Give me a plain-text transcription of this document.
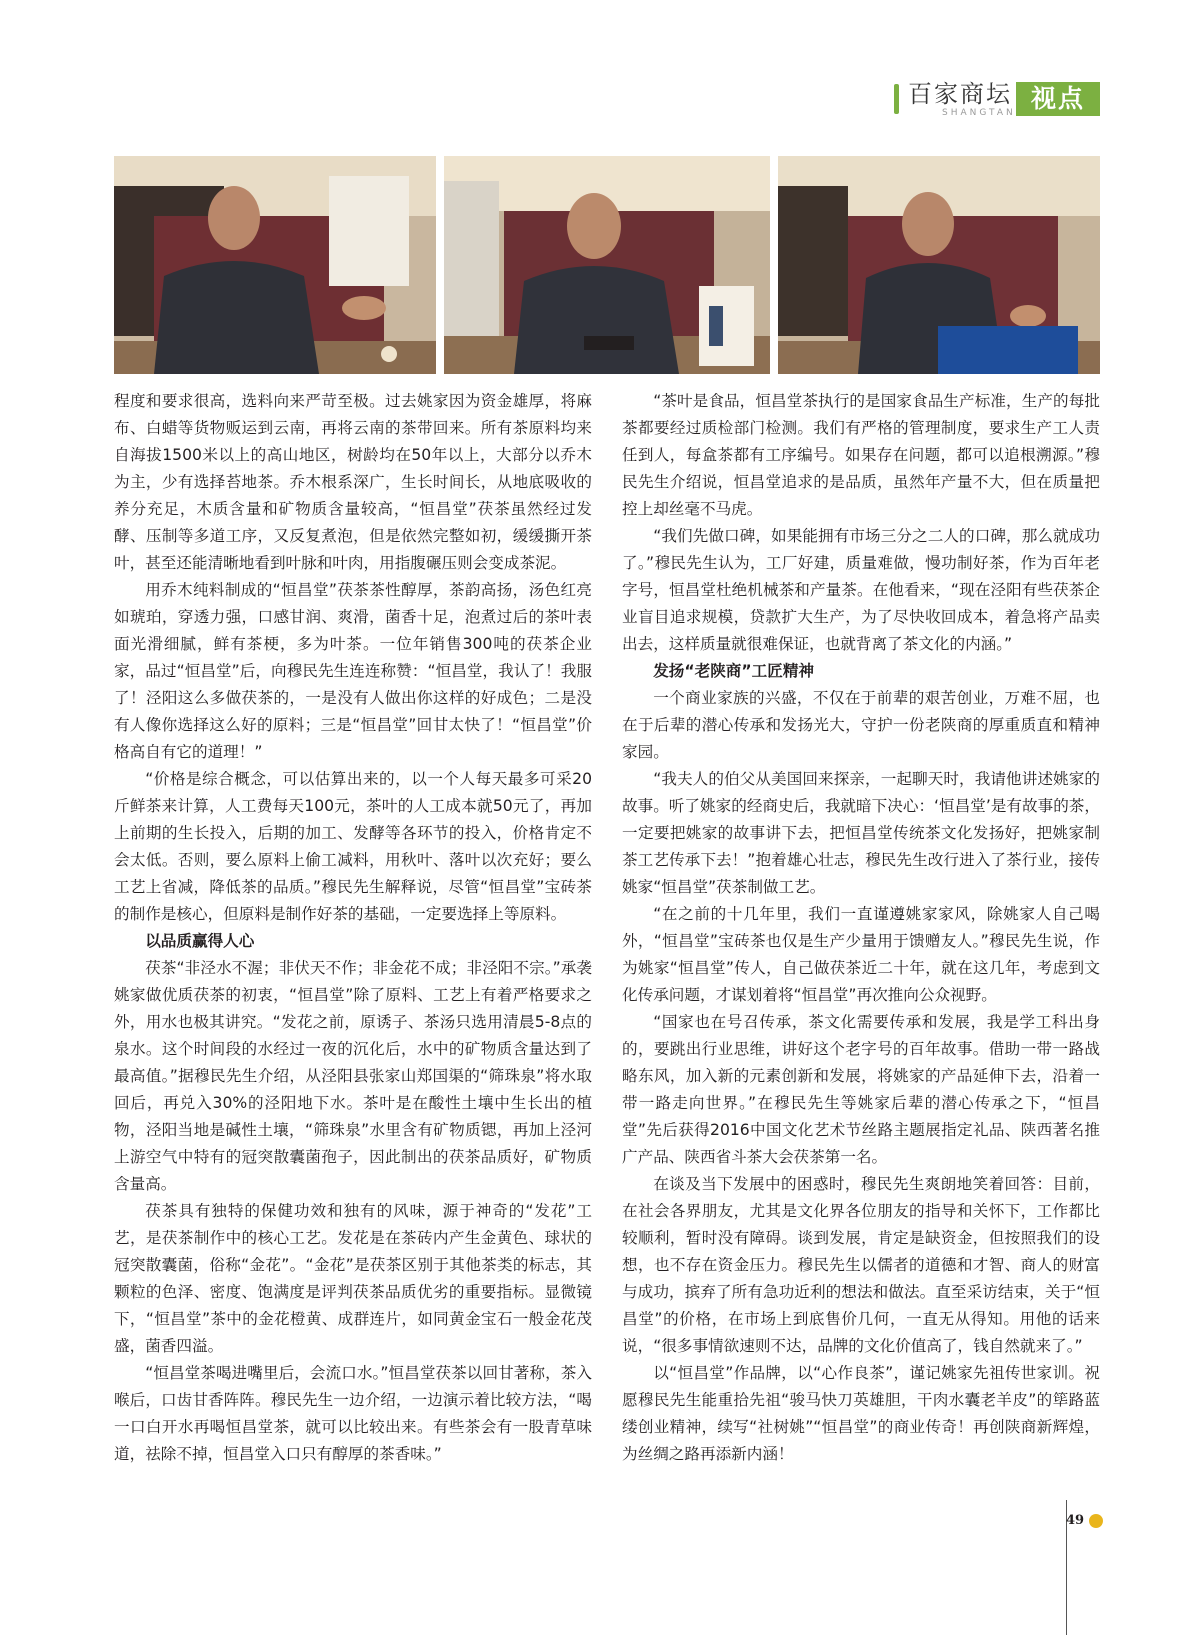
百家商坛
SHANGTAN 视点

程度和要求很高，选料向来严苛至极。过去姚家因为资金雄厚，将麻布、白蜡等货物贩运到云南，再将云南的茶带回来。所有茶原料均来自海拔1500米以上的高山地区，树龄均在50年以上，大部分以乔木为主，少有选择苔地茶。乔木根系深广，生长时间长，从地底吸收的养分充足，木质含量和矿物质含量较高，“恒昌堂”茯茶虽然经过发酵、压制等多道工序，又反复煮泡，但是依然完整如初，缓缓撕开茶叶，甚至还能清晰地看到叶脉和叶肉，用指腹碾压则会变成茶泥。

用乔木纯料制成的“恒昌堂”茯茶茶性醇厚，茶韵高扬，汤色红亮如琥珀，穿透力强，口感甘润、爽滑，菌香十足，泡煮过后的茶叶表面光滑细腻，鲜有茶梗，多为叶茶。一位年销售300吨的茯茶企业家，品过“恒昌堂”后，向穆民先生连连称赞：“恒昌堂，我认了！我服了！泾阳这么多做茯茶的，一是没有人做出你这样的好成色；二是没有人像你选择这么好的原料；三是“恒昌堂”回甘太快了！“恒昌堂”价格高自有它的道理！”

“价格是综合概念，可以估算出来的，以一个人每天最多可采20斤鲜茶来计算，人工费每天100元，茶叶的人工成本就50元了，再加上前期的生长投入，后期的加工、发酵等各环节的投入，价格肯定不会太低。否则，要么原料上偷工减料，用秋叶、落叶以次充好；要么工艺上省减，降低茶的品质。”穆民先生解释说，尽管“恒昌堂”宝砖茶的制作是核心，但原料是制作好茶的基础，一定要选择上等原料。

以品质赢得人心

茯茶“非泾水不渥；非伏天不作；非金花不成；非泾阳不宗。”承袭姚家做优质茯茶的初衷，“恒昌堂”除了原料、工艺上有着严格要求之外，用水也极其讲究。“发花之前，原诱子、茶汤只选用清晨5-8点的泉水。这个时间段的水经过一夜的沉化后，水中的矿物质含量达到了最高值。”据穆民先生介绍，从泾阳县张家山郑国渠的“筛珠泉”将水取回后，再兑入30%的泾阳地下水。茶叶是在酸性土壤中生长出的植物，泾阳当地是碱性土壤，“筛珠泉”水里含有矿物质锶，再加上泾河上游空气中特有的冠突散囊菌孢子，因此制出的茯茶品质好，矿物质含量高。

茯茶具有独特的保健功效和独有的风味，源于神奇的“发花”工艺，是茯茶制作中的核心工艺。发花是在茶砖内产生金黄色、球状的冠突散囊菌，俗称“金花”。“金花”是茯茶区别于其他茶类的标志，其颗粒的色泽、密度、饱满度是评判茯茶品质优劣的重要指标。显微镜下，“恒昌堂”茶中的金花橙黄、成群连片，如同黄金宝石一般金花茂盛，菌香四溢。

“恒昌堂茶喝进嘴里后，会流口水。”恒昌堂茯茶以回甘著称，茶入喉后，口齿甘香阵阵。穆民先生一边介绍，一边演示着比较方法，“喝一口白开水再喝恒昌堂茶，就可以比较出来。有些茶会有一股青草味道，祛除不掉，恒昌堂入口只有醇厚的茶香味。”

“茶叶是食品，恒昌堂茶执行的是国家食品生产标准，生产的每批茶都要经过质检部门检测。我们有严格的管理制度，要求生产工人责任到人，每盒茶都有工序编号。如果存在问题，都可以追根溯源。”穆民先生介绍说，恒昌堂追求的是品质，虽然年产量不大，但在质量把控上却丝毫不马虎。

“我们先做口碑，如果能拥有市场三分之二人的口碑，那么就成功了。”穆民先生认为，工厂好建，质量难做，慢功制好茶，作为百年老字号，恒昌堂杜绝机械茶和产量茶。在他看来，“现在泾阳有些茯茶企业盲目追求规模，贷款扩大生产，为了尽快收回成本，着急将产品卖出去，这样质量就很难保证，也就背离了茶文化的内涵。”

发扬“老陕商”工匠精神

一个商业家族的兴盛，不仅在于前辈的艰苦创业，万难不屈，也在于后辈的潜心传承和发扬光大，守护一份老陕商的厚重质直和精神家园。

“我夫人的伯父从美国回来探亲，一起聊天时，我请他讲述姚家的故事。听了姚家的经商史后，我就暗下决心：‘恒昌堂’是有故事的茶，一定要把姚家的故事讲下去，把恒昌堂传统茶文化发扬好，把姚家制茶工艺传承下去！”抱着雄心壮志，穆民先生改行进入了茶行业，接传姚家“恒昌堂”茯茶制做工艺。

“在之前的十几年里，我们一直谨遵姚家家风，除姚家人自己喝外，“恒昌堂”宝砖茶也仅是生产少量用于馈赠友人。”穆民先生说，作为姚家“恒昌堂”传人，自己做茯茶近二十年，就在这几年，考虑到文化传承问题，才谋划着将“恒昌堂”再次推向公众视野。

“国家也在号召传承，茶文化需要传承和发展，我是学工科出身的，要跳出行业思维，讲好这个老字号的百年故事。借助一带一路战略东风，加入新的元素创新和发展，将姚家的产品延伸下去，沿着一带一路走向世界。”在穆民先生等姚家后辈的潜心传承之下，“恒昌堂”先后获得2016中国文化艺术节丝路主题展指定礼品、陕西著名推广产品、陕西省斗茶大会茯茶第一名。

在谈及当下发展中的困惑时，穆民先生爽朗地笑着回答：目前，在社会各界朋友，尤其是文化界各位朋友的指导和关怀下，工作都比较顺利，暂时没有障碍。谈到发展，肯定是缺资金，但按照我们的设想，也不存在资金压力。穆民先生以儒者的道德和才智、商人的财富与成功，摈弃了所有急功近利的想法和做法。直至采访结束，关于“恒昌堂”的价格，在市场上到底售价几何，一直无从得知。用他的话来说，“很多事情欲速则不达，品牌的文化价值高了，钱自然就来了。”

以“恒昌堂”作品牌，以“心作良茶”，谨记姚家先祖传世家训。祝愿穆民先生能重拾先祖“骏马快刀英雄胆，干肉水囊老羊皮”的筚路蓝缕创业精神，续写“社树姚”“恒昌堂”的商业传奇！再创陕商新辉煌，为丝绸之路再添新内涵！

49
